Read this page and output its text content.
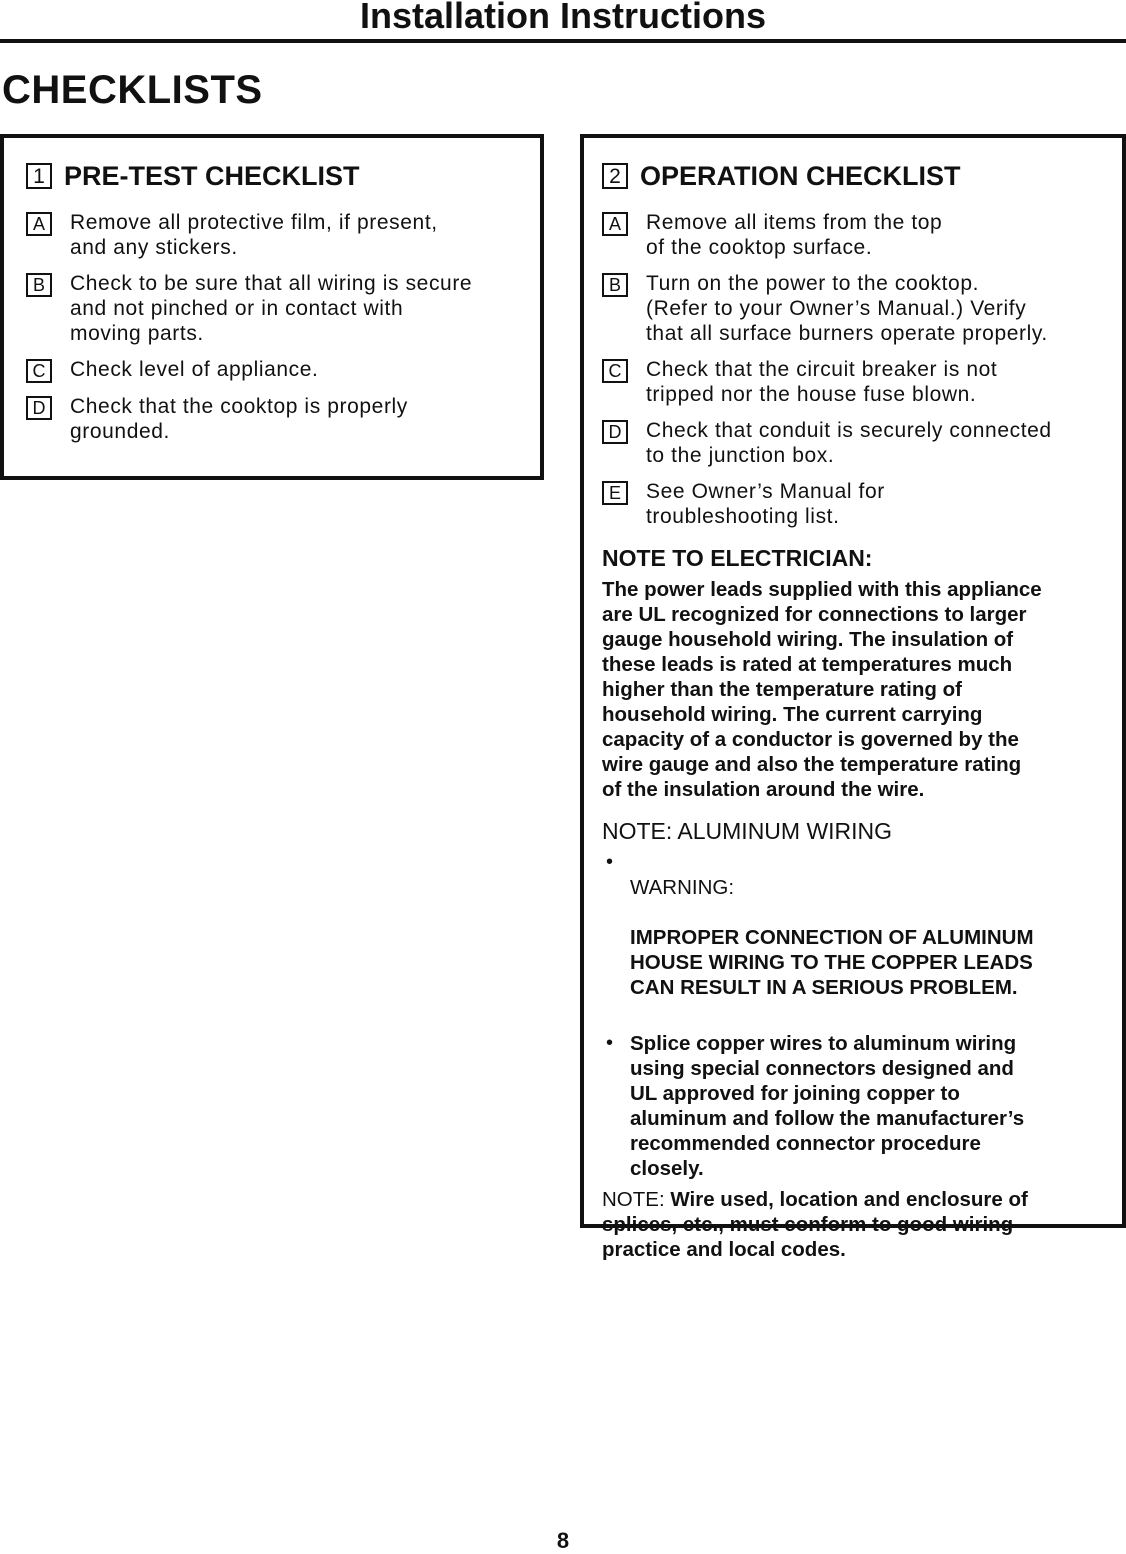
Installation Instructions
CHECKLISTS
1 PRE-TEST CHECKLIST
A	Remove all protective film, if present,
and any stickers.
B	Check to be sure that all wiring is secure
and not pinched or in contact with
moving parts.
C	Check level of appliance.
D	Check that the cooktop is properly
grounded.
2 OPERATION CHECKLIST
A	Remove all items from the top
of the cooktop surface.
B	Turn on the power to the cooktop.
(Refer to your Owner’s Manual.) Verify
that all surface burners operate properly.
C	Check that the circuit breaker is not
tripped nor the house fuse blown.
D	Check that conduit is securely connected
to the junction box.
E	See Owner’s Manual for
troubleshooting list.
NOTE TO ELECTRICIAN:
The power leads supplied with this appliance
are UL recognized for connections to larger
gauge household wiring. The insulation of
these leads is rated at temperatures much
higher than the temperature rating of
household wiring. The current carrying
capacity of a conductor is governed by the
wire gauge and also the temperature rating
of the insulation around the wire.
NOTE: ALUMINUM WIRING
•

WARNING:

IMPROPER CONNECTION OF ALUMINUM
HOUSE WIRING TO THE COPPER LEADS
CAN RESULT IN A SERIOUS PROBLEM.

• Splice copper wires to aluminum wiring
using special connectors designed and
UL approved for joining copper to
aluminum and follow the manufacturer’s
recommended connector procedure
closely.
NOTE: Wire used, location and enclosure of
splices, etc., must conform to good wiring
practice and local codes.
8
